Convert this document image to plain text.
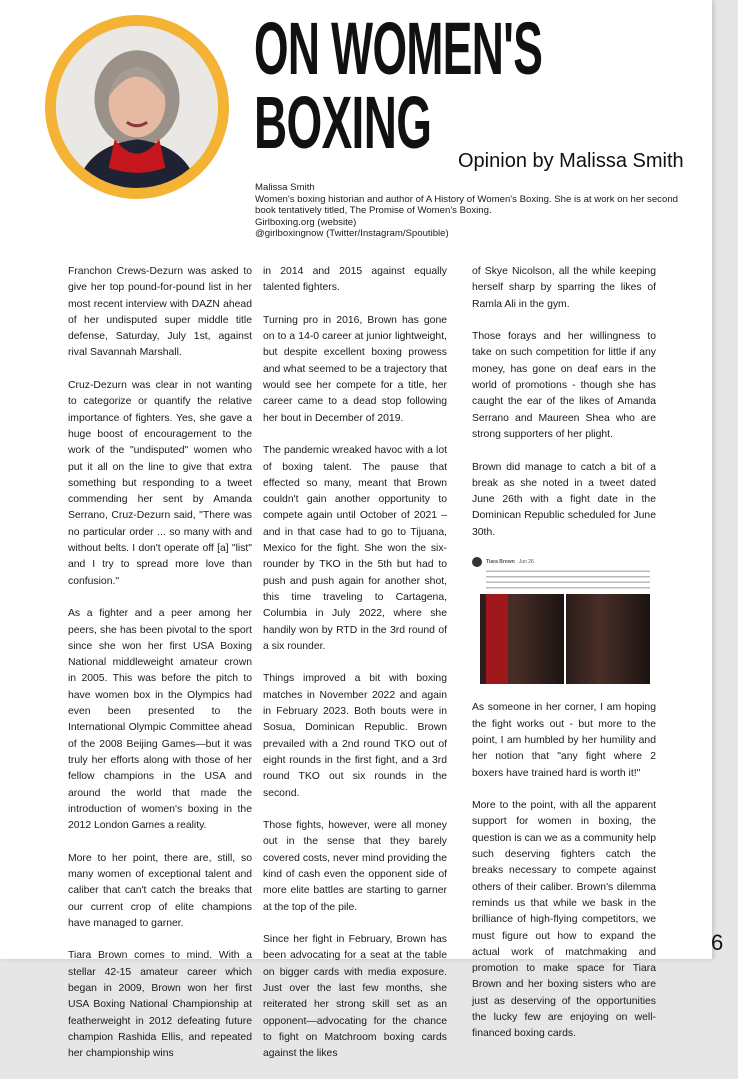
ON WOMEN'S
BOXING	Opinion by Malissa Smith
Malissa Smith
Women's boxing historian and author of A History of Women's Boxing. She is at work on her second
book tentatively titled, The Promise of Women's Boxing.
Girlboxing.org (website)
@girlboxingnow (Twitter/Instagram/Spoutible)

Franchon Crews-Dezurn was asked to give her top pound-for-pound list in her most recent interview with DAZN ahead of her undisputed super middle title defense, Saturday, July 1st, against rival Savannah Marshall.

Cruz-Dezurn was clear in not wanting to categorize or quantify the relative importance of fighters. Yes, she gave a huge boost of encouragement to the work of the "undisputed" women who put it all on the line to give that extra something but responding to a tweet commending her sent by Amanda Serrano, Cruz-Dezurn said, "There was no particular order ... so many with and without belts. I don't operate off [a] "list" and I try to spread more love than confusion."

As a fighter and a peer among her peers, she has been pivotal to the sport since she won her first USA Boxing National middleweight amateur crown in 2005. This was before the pitch to have women box in the Olympics had even been presented to the International Olympic Committee ahead of the 2008 Beijing Games—but it was truly her efforts along with those of her fellow champions in the USA and around the world that made the introduction of women's boxing in the 2012 London Games a reality.

More to her point, there are, still, so many women of exceptional talent and caliber that can't catch the breaks that our current crop of elite champions have managed to garner.

Tiara Brown comes to mind. With a stellar 42-15 amateur career which began in 2009, Brown won her first USA Boxing National Championship at featherweight in 2012 defeating future champion Rashida Ellis, and repeated her championship wins

in 2014 and 2015 against equally talented fighters.

Turning pro in 2016, Brown has gone on to a 14-0 career at junior lightweight, but despite excellent boxing prowess and what seemed to be a trajectory that would see her compete for a title, her career came to a dead stop following her bout in December of 2019.

The pandemic wreaked havoc with a lot of boxing talent. The pause that effected so many, meant that Brown couldn't gain another opportunity to compete again until October of 2021 – and in that case had to go to Tijuana, Mexico for the fight. She won the six-rounder by TKO in the 5th but had to push and push again for another shot, this time traveling to Cartagena, Columbia in July 2022, where she handily won by RTD in the 3rd round of a six rounder.

Things improved a bit with boxing matches in November 2022 and again in February 2023. Both bouts were in Sosua, Dominican Republic. Brown prevailed with a 2nd round TKO out of eight rounds in the first fight, and a 3rd round TKO out six rounds in the second.

Those fights, however, were all money out in the sense that they barely covered costs, never mind providing the kind of cash even the opponent side of more elite battles are starting to garner at the top of the pile.

Since her fight in February, Brown has been advocating for a seat at the table on bigger cards with media exposure. Just over the last few months, she reiterated her strong skill set as an opponent—advocating for the chance to fight on Matchroom boxing cards against the likes

of Skye Nicolson, all the while keeping herself sharp by sparring the likes of Ramla Ali in the gym.

Those forays and her willingness to take on such competition for little if any money, has gone on deaf ears in the world of promotions - though she has caught the ear of the likes of Amanda Serrano and Maureen Shea who are strong supporters of her plight.

Brown did manage to catch a bit of a break as she noted in a tweet dated June 26th with a fight date in the Dominican Republic scheduled for June 30th.

Tiara Brown Jun 26

As someone in her corner, I am hoping the fight works out - but more to the point, I am humbled by her humility and her notion that "any fight where 2 boxers have trained hard is worth it!"

More to the point, with all the apparent support for women in boxing, the question is can we as a community help such deserving fighters catch the breaks necessary to compete against others of their caliber. Brown's dilemma reminds us that while we bask in the brilliance of high-flying competitors, we must figure out how to expand the actual work of matchmaking and promotion to make space for Tiara Brown and her boxing sisters who are just as deserving of the opportunities the lucky few are enjoying on well-financed boxing cards.

6
